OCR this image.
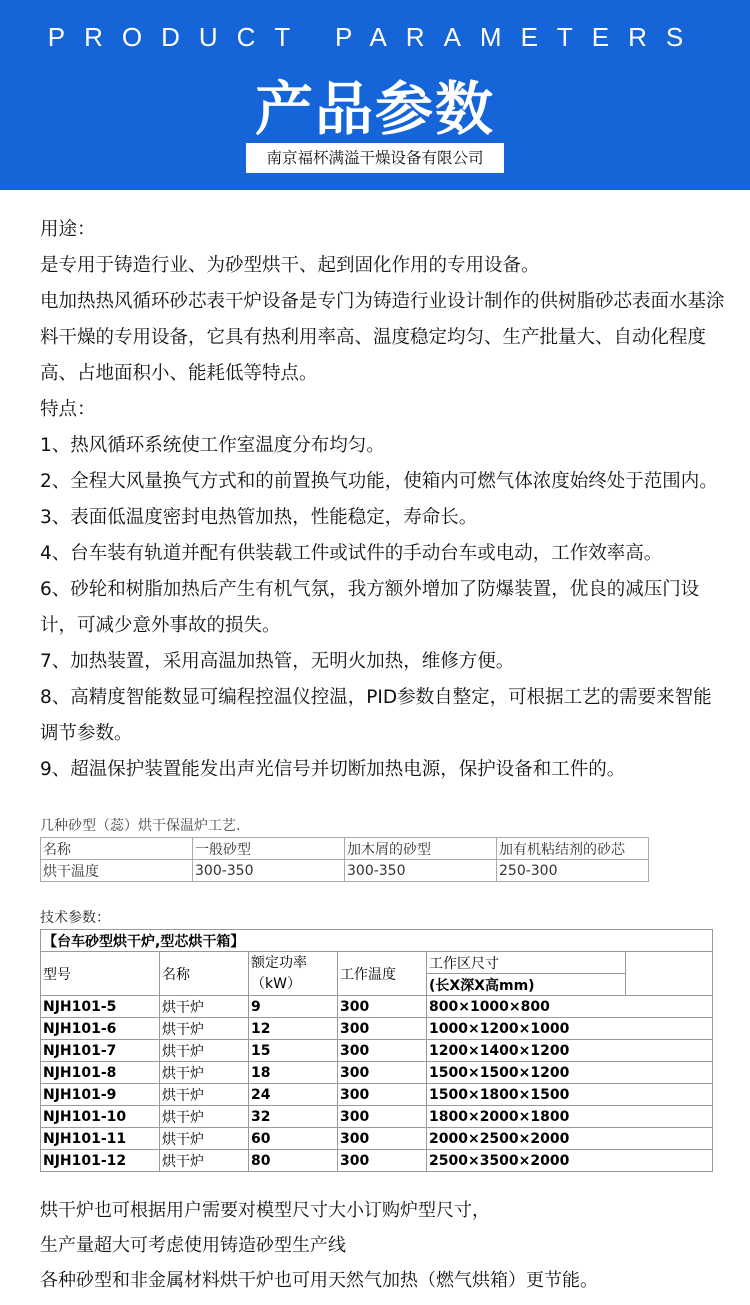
PRODUCT PARAMETERS
产品参数
南京福杯满溢干燥设备有限公司

用途：

是专用于铸造行业、为砂型烘干、起到固化作用的专用设备。

电加热热风循环砂芯表干炉设备是专门为铸造行业设计制作的供树脂砂芯表面水基涂料干燥的专用设备，它具有热利用率高、温度稳定均匀、生产批量大、自动化程度高、占地面积小、能耗低等特点。

特点：

1、热风循环系统使工作室温度分布均匀。

2、全程大风量换气方式和的前置换气功能，使箱内可燃气体浓度始终处于范围内。

3、表面低温度密封电热管加热，性能稳定，寿命长。

4、台车装有轨道并配有供装载工件或试件的手动台车或电动，工作效率高。

6、砂轮和树脂加热后产生有机气氛，我方额外增加了防爆装置，优良的减压门设计，可减少意外事故的损失。

7、加热装置，采用高温加热管，无明火加热，维修方便。

8、高精度智能数显可编程控温仪控温，PID参数自整定，可根据工艺的需要来智能调节参数。

9、超温保护装置能发出声光信号并切断加热电源，保护设备和工件的。

几种砂型（蕊）烘干保温炉工艺.
名称	一般砂型	加木屑的砂型	加有机粘结剂的砂芯
烘干温度	300-350	300-350	250-300
技术参数：
【台车砂型烘干炉,型芯烘干箱】					
型号	名称	额定功率（kW）	工作温度	工作区尺寸	
				(长X深X高mm)	
NJH101-5	烘干炉	9	300	800×1000×800	
NJH101-6	烘干炉	12	300	1000×1200×1000	
NJH101-7	烘干炉	15	300	1200×1400×1200	
NJH101-8	烘干炉	18	300	1500×1500×1200	
NJH101-9	烘干炉	24	300	1500×1800×1500	
NJH101-10	烘干炉	32	300	1800×2000×1800	
NJH101-11	烘干炉	60	300	2000×2500×2000	
NJH101-12	烘干炉	80	300	2500×3500×2000	

烘干炉也可根据用户需要对模型尺寸大小订购炉型尺寸，

生产量超大可考虑使用铸造砂型生产线

各种砂型和非金属材料烘干炉也可用天然气加热（燃气烘箱）更节能。
